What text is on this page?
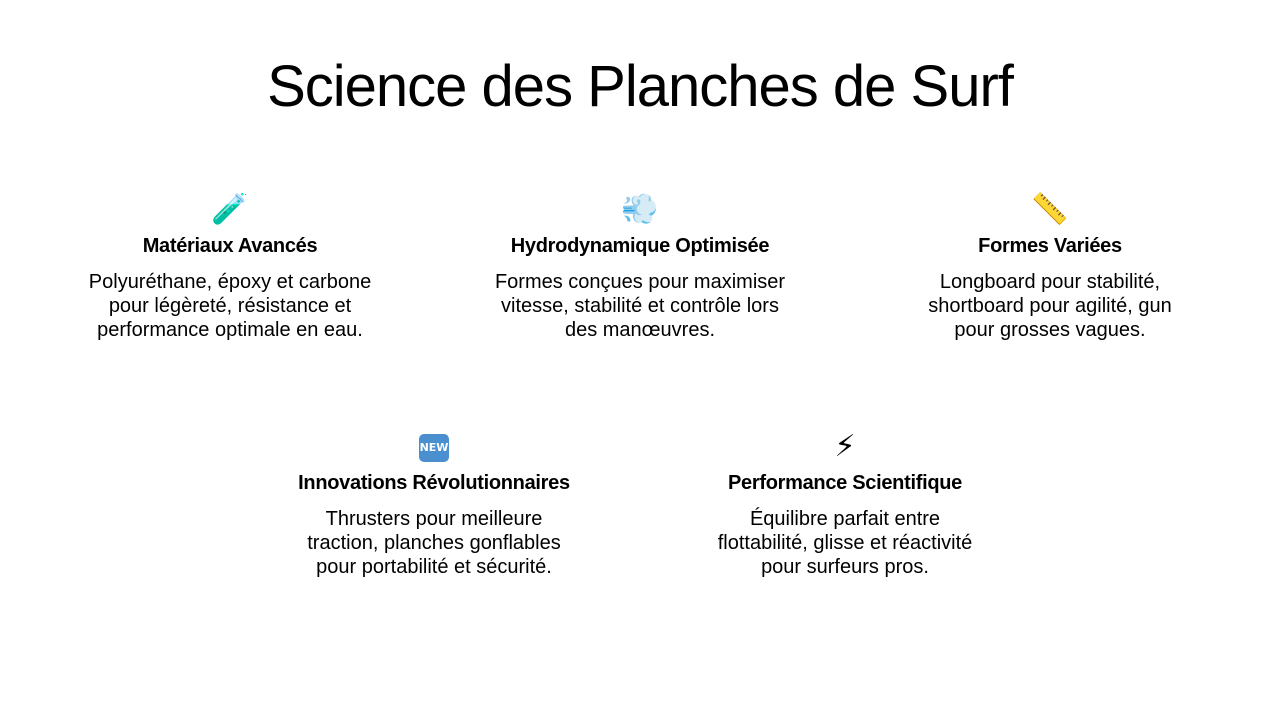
Science des Planches de Surf
🧪
Matériaux Avancés
Polyuréthane, époxy et carbone pour légèreté, résistance et performance optimale en eau.
💨
Hydrodynamique Optimisée
Formes conçues pour maximiser vitesse, stabilité et contrôle lors des manœuvres.
📏
Formes Variées
Longboard pour stabilité, shortboard pour agilité, gun pour grosses vagues.
NEW
Innovations Révolutionnaires
Thrusters pour meilleure traction, planches gonflables pour portabilité et sécurité.
⚡
Performance Scientifique
Équilibre parfait entre flottabilité, glisse et réactivité pour surfeurs pros.
